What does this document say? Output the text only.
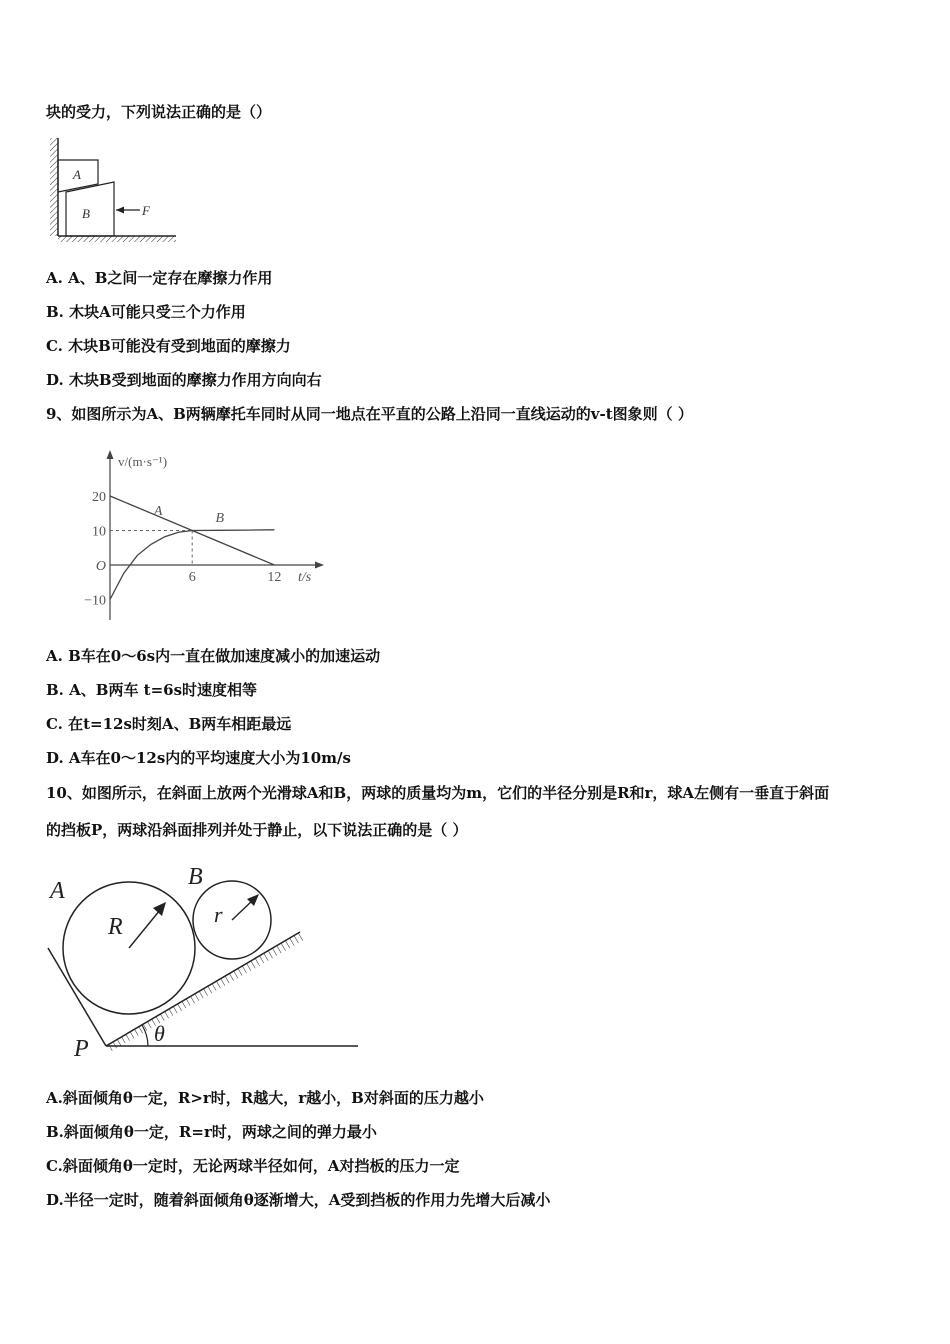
块的受力，下列说法正确的是（）
A
B	F
A. A、B之间一定存在摩擦力作用
B. 木块A可能只受三个力作用
C. 木块B可能没有受到地面的摩擦力
D. 木块B受到地面的摩擦力作用方向向右
9、如图所示为A、B两辆摩托车同时从同一地点在平直的公路上沿同一直线运动的v-t图象则（ ）
v/(m·s⁻¹)
t/s
A	B
20
10
O
−10
6	12
A. B车在0～6s内一直在做加速度减小的加速运动
B. A、B两车 t=6s时速度相等
C. 在t=12s时刻A、B两车相距最远
D. A车在0～12s内的平均速度大小为10m/s
10、如图所示，在斜面上放两个光滑球A和B，两球的质量均为m，它们的半径分别是R和r，球A左侧有一垂直于斜面
的挡板P，两球沿斜面排列并处于静止，以下说法正确的是（ ）
A
B
R	r
θ
P
A.斜面倾角θ一定，R>r时，R越大，r越小，B对斜面的压力越小
B.斜面倾角θ一定，R=r时，两球之间的弹力最小
C.斜面倾角θ一定时，无论两球半径如何，A对挡板的压力一定
D.半径一定时，随着斜面倾角θ逐渐增大，A受到挡板的作用力先增大后减小
